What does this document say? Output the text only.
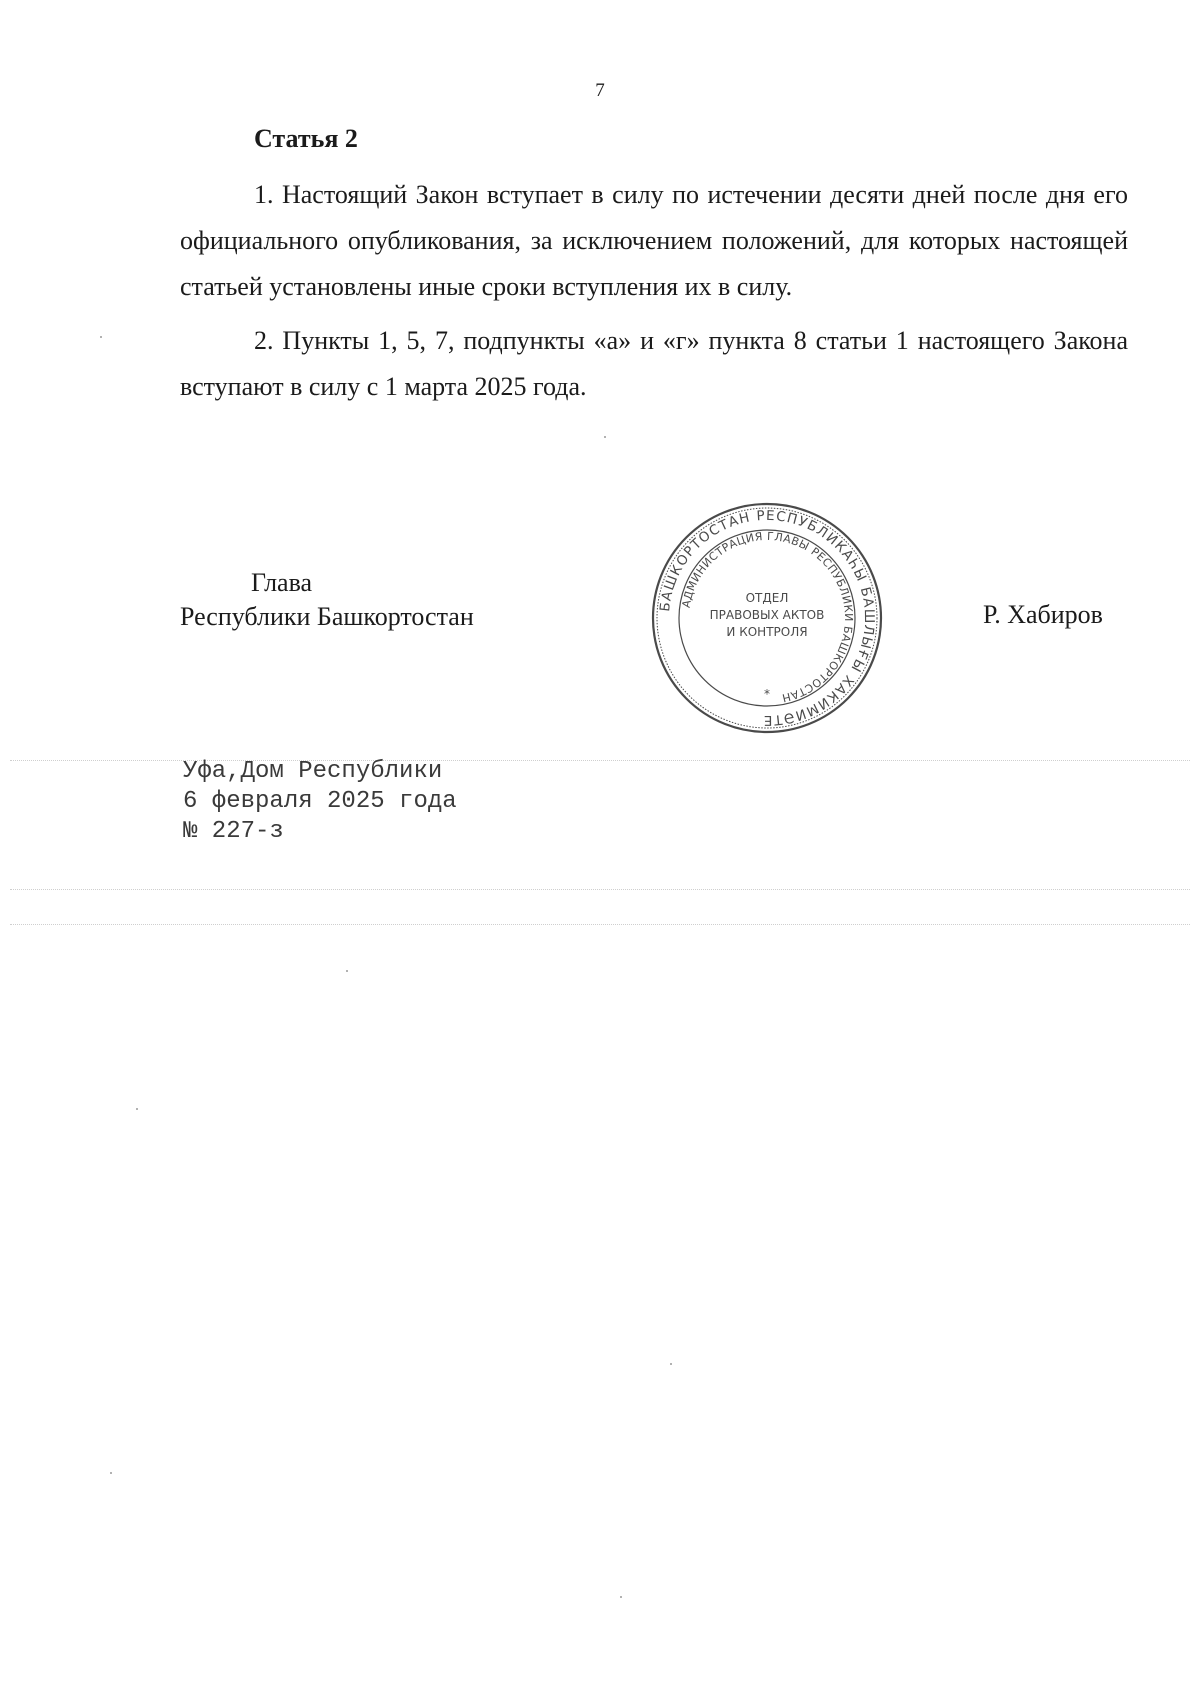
7
Статья 2

1. Настоящий Закон вступает в силу по истечении десяти дней после дня его официального опубликования, за исключением положений, для которых настоящей статьей установлены иные сроки вступления их в силу.

2. Пункты 1, 5, 7, подпункты «а» и «г» пункта 8 статьи 1 настоящего Закона вступают в силу с 1 марта 2025 года.

Глава
Республики Башкортостан	БАШКОРТОСТАН РЕСПУБЛИКАҺЫ БАШЛЫҒЫ ХАКИМИӘТЕ
АДМИНИСТРАЦИЯ ГЛАВЫ РЕСПУБЛИКИ БАШКОРТОСТАН
ОТДЕЛ
ПРАВОВЫХ АКТОВ
И КОНТРОЛЯ
*
Р. Хабиров
Уфа,Дом Республики
6 февраля 2025 года
№ 227-з
